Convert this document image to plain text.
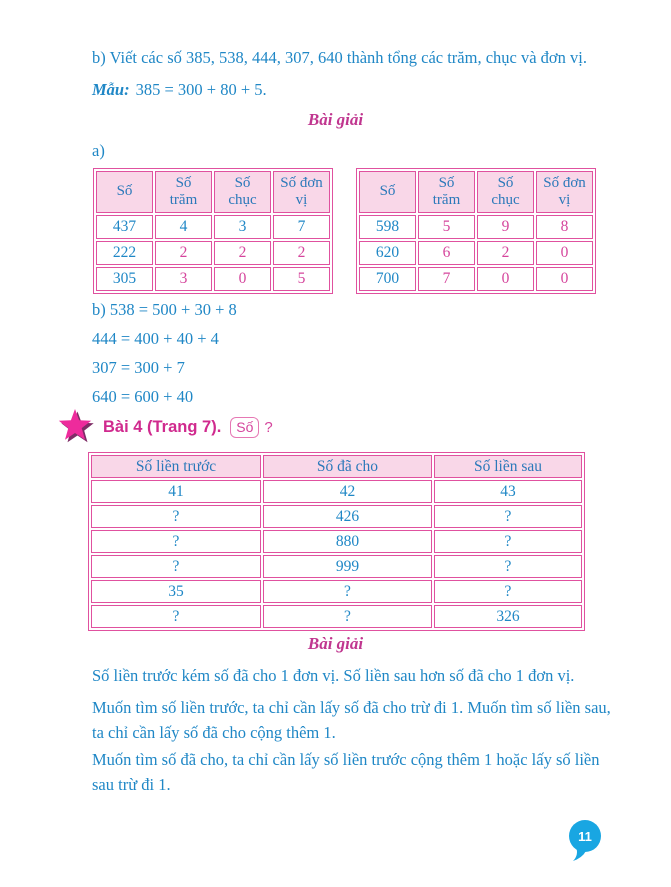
b) Viết các số 385, 538, 444, 307, 640 thành tổng các trăm, chục và đơn vị.
Mẫu: 385 = 300 + 80 + 5.
Bài giải
a)
Số	Số trăm	Số chục	Số đơn vị
437	4	3	7
222	2	2	2
305	3	0	5
Số	Số trăm	Số chục	Số đơn vị
598	5	9	8
620	6	2	0
700	7	0	0
b) 538 = 500 + 30 + 8
444 = 400 + 40 + 4
307 = 300 + 7
640 = 600 + 40
Bài 4 (Trang 7).	Số ?
Số liền trước	Số đã cho	Số liền sau
41	42	43
?	426	?
?	880	?
?	999	?
35	?	?
?	?	326
Bài giải
Số liền trước kém số đã cho 1 đơn vị. Số liền sau hơn số đã cho 1 đơn vị.
Muốn tìm số liền trước, ta chỉ cần lấy số đã cho trừ đi 1. Muốn tìm số liền sau, ta chỉ cần lấy số đã cho cộng thêm 1.
Muốn tìm số đã cho, ta chỉ cần lấy số liền trước cộng thêm 1 hoặc lấy số liền sau trừ đi 1.
11
